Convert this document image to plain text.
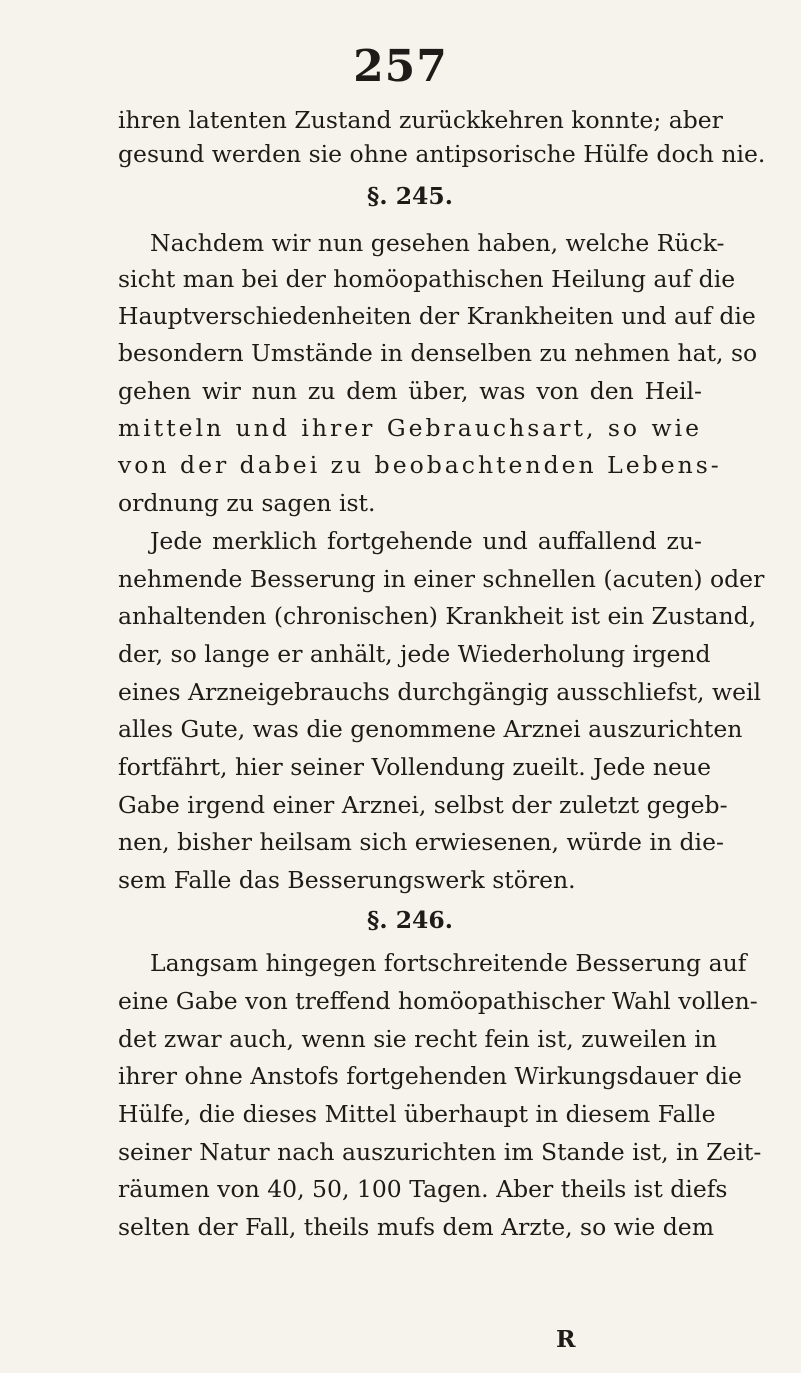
257
ihren latenten Zustand zurückkehren konnte; aber
gesund werden sie ohne antipsorische Hülfe doch nie.
§. 245.
Nachdem wir nun gesehen haben, welche Rück-
sicht man bei der homöopathischen Heilung auf die
Hauptverschiedenheiten der Krankheiten und auf die
besondern Umstände in denselben zu nehmen hat, so
gehen wir nun zu dem über, was von den Heil-
mitteln und ihrer Gebrauchsart, so wie
von der dabei zu beobachtenden Lebens-
ordnung zu sagen ist.
Jede merklich fortgehende und auffallend zu-
nehmende Besserung in einer schnellen (acuten) oder
anhaltenden (chronischen) Krankheit ist ein Zustand,
der, so lange er anhält, jede Wiederholung irgend
eines Arzneigebrauchs durchgängig ausschliefst, weil
alles Gute, was die genommene Arznei auszurichten
fortfährt, hier seiner Vollendung zueilt. Jede neue
Gabe irgend einer Arznei, selbst der zuletzt gegeb-
nen, bisher heilsam sich erwiesenen, würde in die-
sem Falle das Besserungswerk stören.
§. 246.
Langsam hingegen fortschreitende Besserung auf
eine Gabe von treffend homöopathischer Wahl vollen-
det zwar auch, wenn sie recht fein ist, zuweilen in
ihrer ohne Anstofs fortgehenden Wirkungsdauer die
Hülfe, die dieses Mittel überhaupt in diesem Falle
seiner Natur nach auszurichten im Stande ist, in Zeit-
räumen von 40, 50, 100 Tagen. Aber theils ist diefs
selten der Fall, theils mufs dem Arzte, so wie dem
R
